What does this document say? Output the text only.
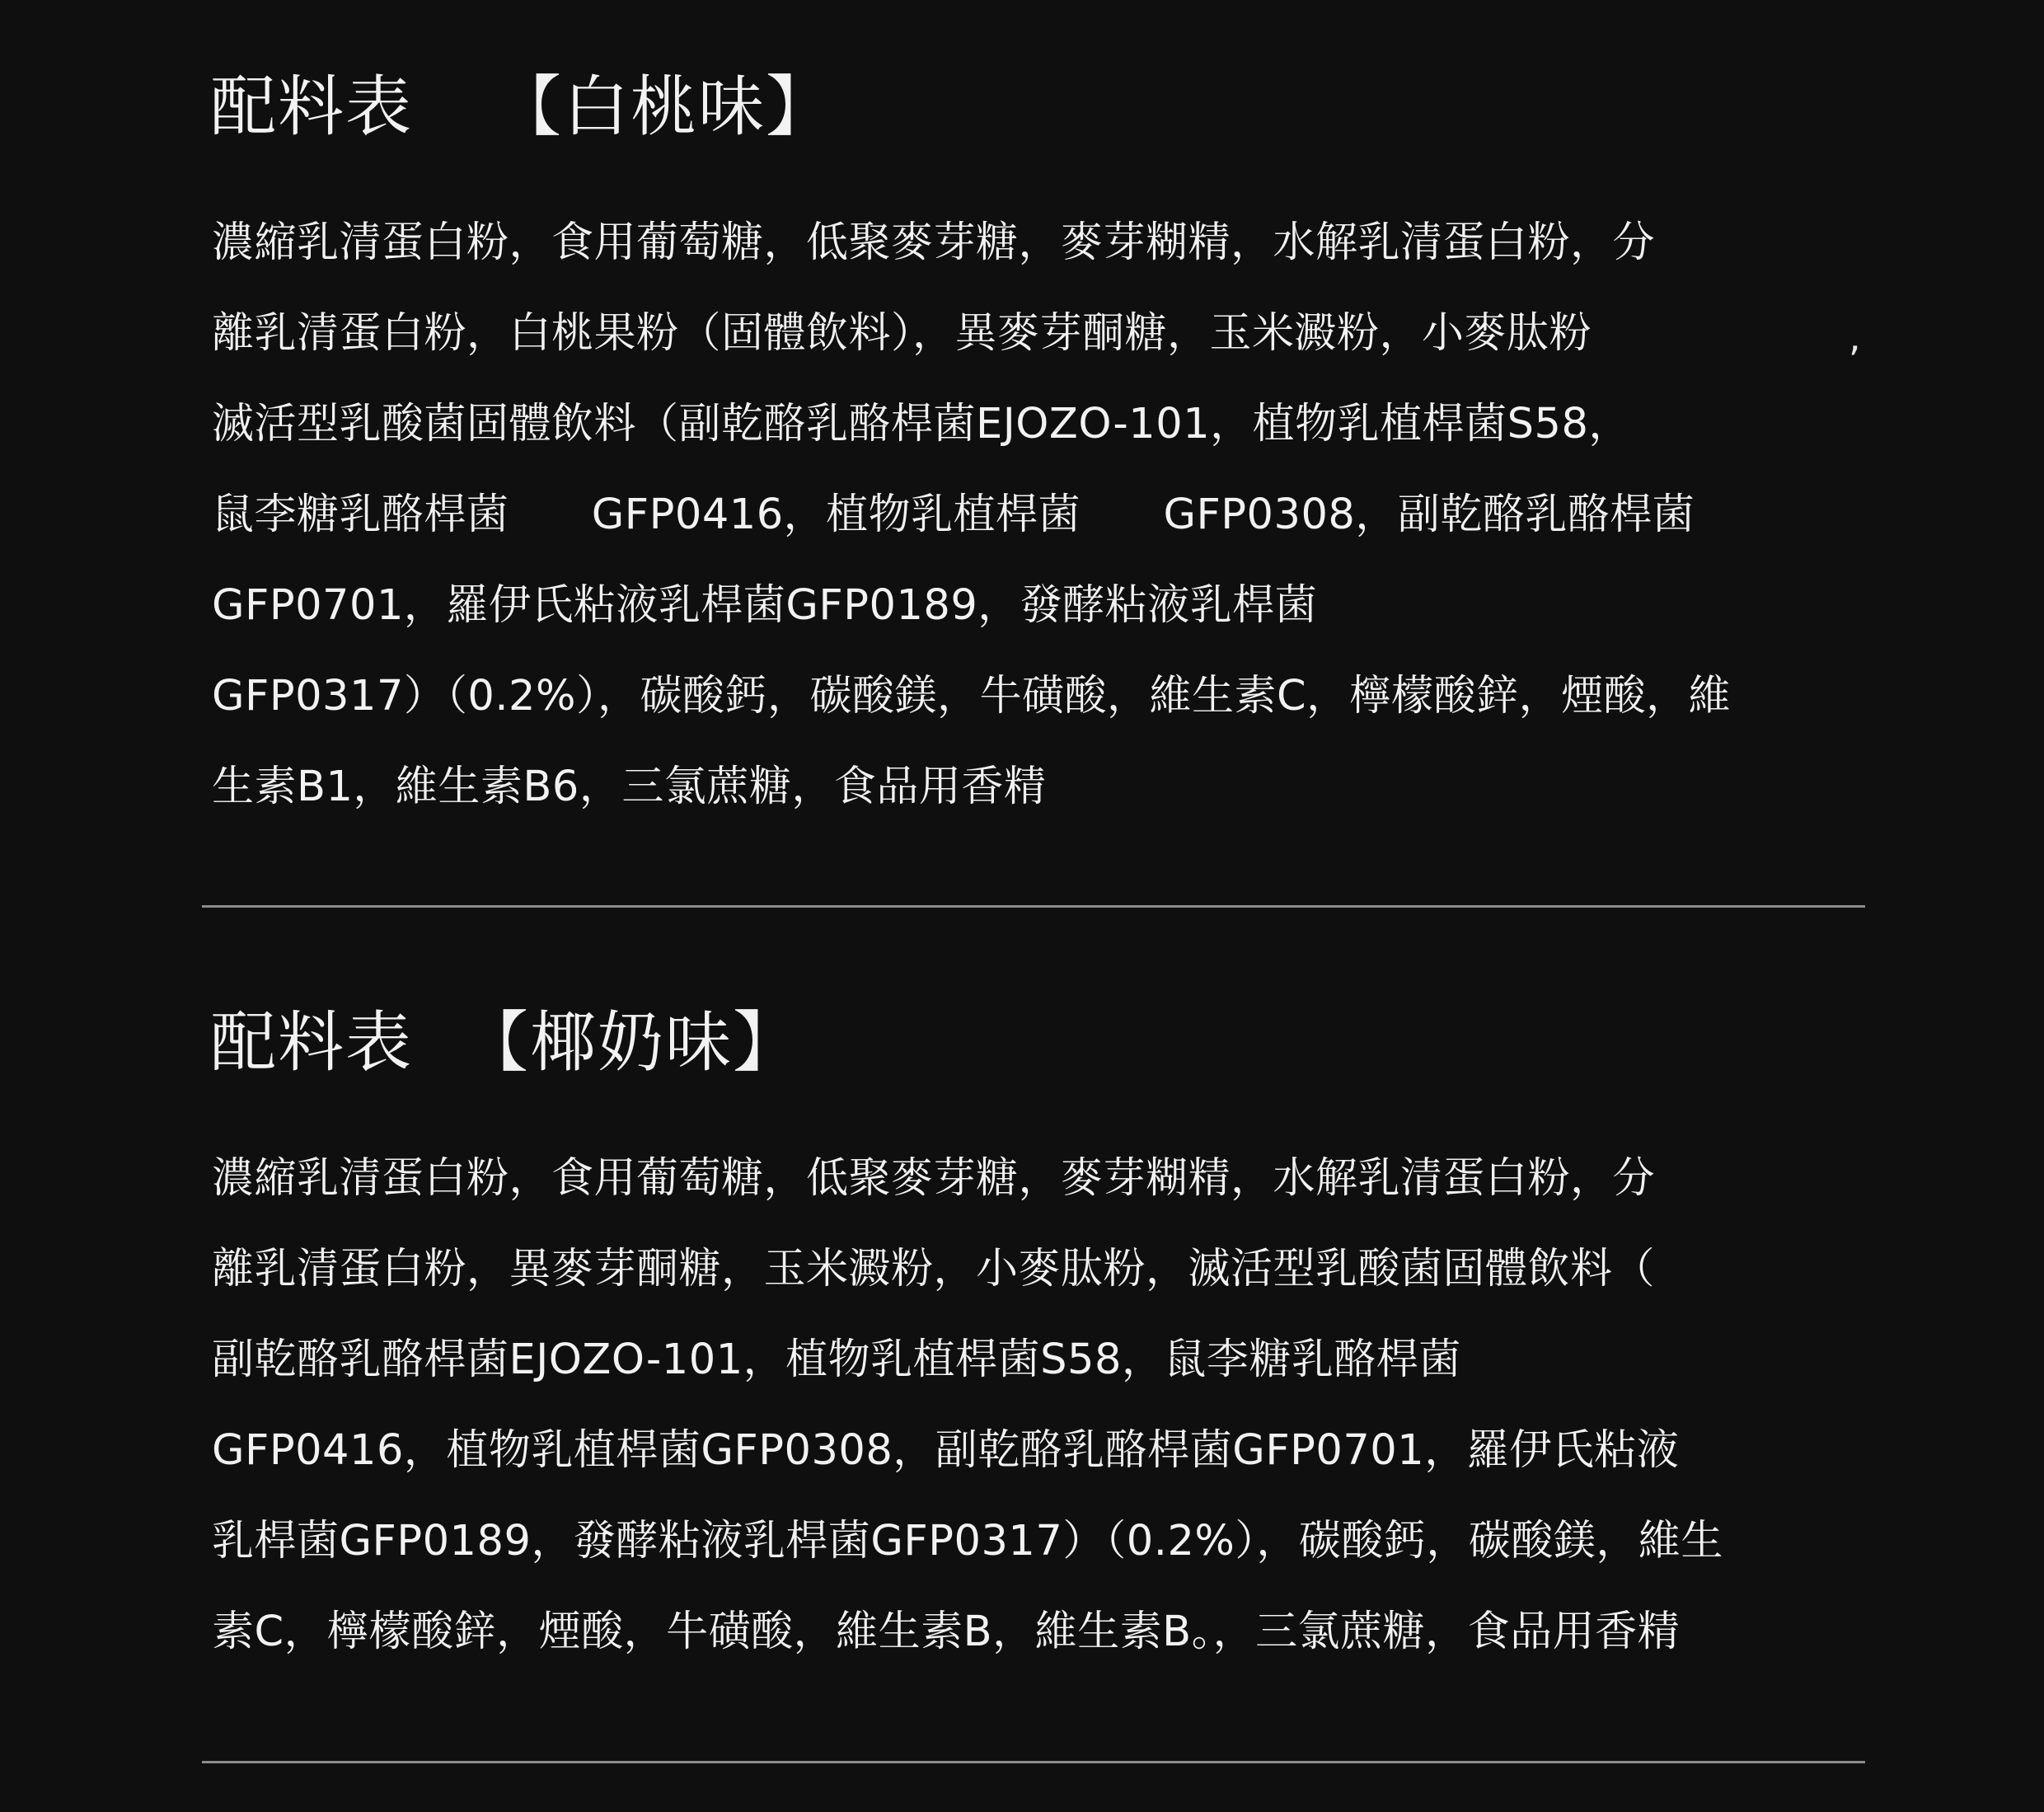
配料表 【白桃味】
濃縮乳清蛋白粉，食用葡萄糖，低聚麥芽糖，麥芽糊精，水解乳清蛋白粉，分
離乳清蛋白粉，白桃果粉（固體飲料），異麥芽酮糖，玉米澱粉，小麥肽粉
滅活型乳酸菌固體飲料（副乾酪乳酪桿菌EJOZO-101，植物乳植桿菌S58，
鼠李糖乳酪桿菌      GFP0416，植物乳植桿菌      GFP0308，副乾酪乳酪桿菌
GFP0701，羅伊氏粘液乳桿菌GFP0189，發酵粘液乳桿菌
GFP0317）（0.2%），碳酸鈣，碳酸鎂，牛磺酸，維生素C，檸檬酸鋅，煙酸，維
生素B1，維生素B6，三氯蔗糖，食品用香精
,
配料表 【椰奶味】
濃縮乳清蛋白粉，食用葡萄糖，低聚麥芽糖，麥芽糊精，水解乳清蛋白粉，分
離乳清蛋白粉，異麥芽酮糖，玉米澱粉，小麥肽粉，滅活型乳酸菌固體飲料（
副乾酪乳酪桿菌EJOZO-101，植物乳植桿菌S58，鼠李糖乳酪桿菌
GFP0416，植物乳植桿菌GFP0308，副乾酪乳酪桿菌GFP0701，羅伊氏粘液
乳桿菌GFP0189，發酵粘液乳桿菌GFP0317）（0.2%），碳酸鈣，碳酸鎂，維生
素C，檸檬酸鋅，煙酸，牛磺酸，維生素B，維生素B。，三氯蔗糖，食品用香精
